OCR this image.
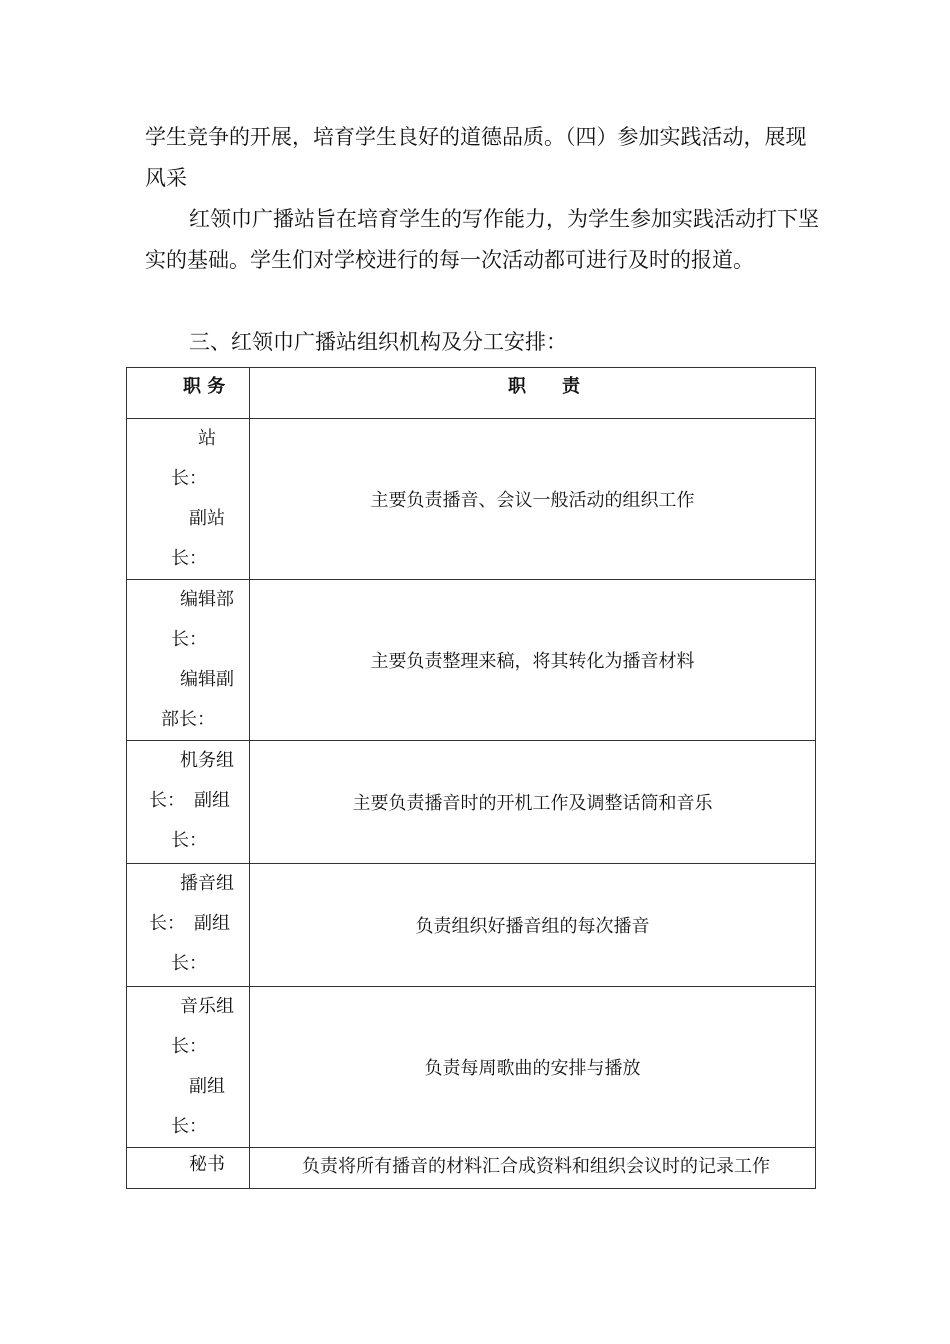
学生竞争的开展，培育学生良好的道德品质。（四）参加实践活动，展现风采

红领巾广播站旨在培育学生的写作能力，为学生参加实践活动打下坚实的基础。学生们对学校进行的每一次活动都可进行及时的报道。

三、红领巾广播站组织机构及分工安排：

职 务	职　　责

站
长：
副站
长：	主要负责播音、会议一般活动的组织工作

编辑部
长：
编辑副
部长：	主要负责整理来稿，将其转化为播音材料

机务组
长：　副组
长：	主要负责播音时的开机工作及调整话筒和音乐

播音组
长：　副组
长：	负责组织好播音组的每次播音

音乐组
长：
副组
长：	负责每周歌曲的安排与播放

秘书	负责将所有播音的材料汇合成资料和组织会议时的记录工作
